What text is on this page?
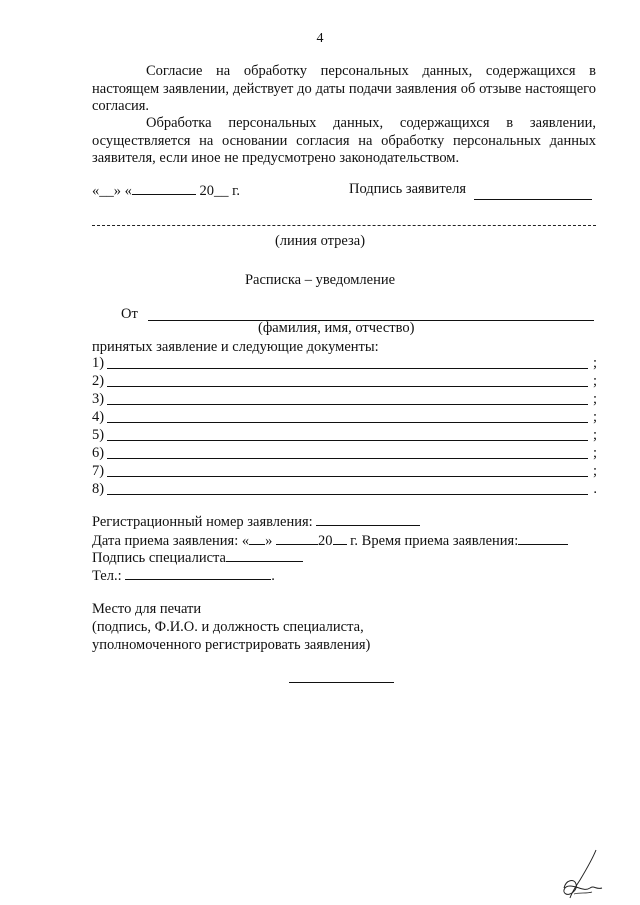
4

Согласие на обработку персональных данных, содержащихся в настоящем заявлении, действует до даты подачи заявления об отзыве настоящего согласия.

Обработка персональных данных, содержащихся в заявлении, осуществляется на основании согласия на обработку персональных данных заявителя, если иное не предусмотрено законодательством.

«__» «	20__ г.	Подпись заявителя
(линия отреза)
Расписка – уведомление
От
(фамилия, имя, отчество)
принятых заявление и следующие документы:
1)	;
2)	;
3)	;
4)	;
5)	;
6)	;
7)	;
8)	.
Регистрационный номер заявления:
Дата приема заявления: « »	20 г. Время приема заявления:
Подпись специалиста
Тел.:	.
Место для печати
(подпись, Ф.И.О. и должность специалиста,
уполномоченного регистрировать заявления)
